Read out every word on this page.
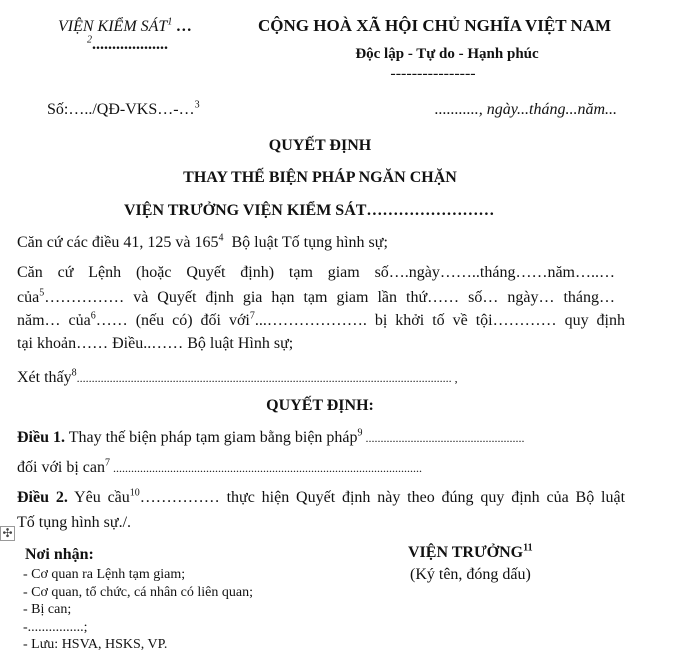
VIỆN KIỂM SÁT$^1$ …
$^2$...................
CỘNG HOÀ XÃ HỘI CHỦ NGHĨA VIỆT NAM
Độc lập - Tự do - Hạnh phúc
----------------
Số:…../QĐ-VKS…-…$^3$	..........., ngày...tháng...năm...
QUYẾT ĐỊNH
THAY THẾ BIỆN PHÁP NGĂN CHẶN
VIỆN TRƯỞNG VIỆN KIỂM SÁT……………………
Căn cứ các điều 41, 125 và $165^4$  Bộ luật Tố tụng hình sự;
Căn cứ Lệnh (hoặc Quyết định) tạm giam số….ngày……..tháng……năm…..…
của$^5$…………… và Quyết định gia hạn tạm giam lần thứ…… số… ngày… tháng…
năm… của$^6$…… (nếu có) đối với$^7$...………………. bị khởi tố về tội………… quy định
tại khoản…… Điều..…… Bộ luật Hình sự;
Xét thấy$^8$............................................................................................................................. ,
QUYẾT ĐỊNH:
Điều 1. Thay thế biện pháp tạm giam bằng biện pháp$^9$ .....................................................
đối với bị can$^7$ .......................................................................................................
Điều 2. Yêu cầu$^{10}$…………… thực hiện Quyết định này theo đúng quy định của Bộ luật
Tố tụng hình sự./.
✣
Nơi nhận:
- Cơ quan ra Lệnh tạm giam;
- Cơ quan, tổ chức, cá nhân có liên quan;
- Bị can;
-................;
- Lưu: HSVA, HSKS, VP.
VIỆN TRƯỞNG$^{11}$
(Ký tên, đóng dấu)
